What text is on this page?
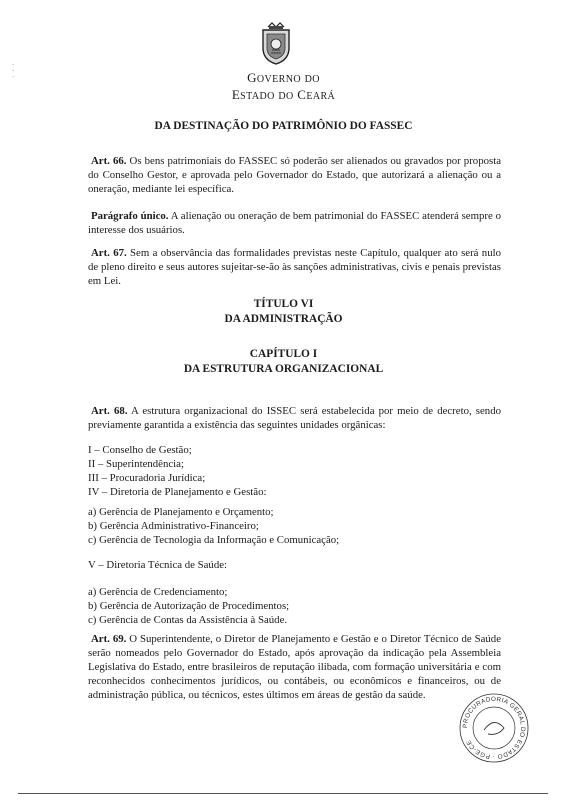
·
·
·	GOVERNO DO
ESTADO DO CEARÁ
DA DESTINAÇÃO DO PATRIMÔNIO DO FASSEC

Art. 66. Os bens patrimoniais do FASSEC só poderão ser alienados ou gravados por proposta do Conselho Gestor, e aprovada pelo Governador do Estado, que autorizará a alienação ou a oneração, mediante lei específica.

Parágrafo único. A alienação ou oneração de bem patrimonial do FASSEC atenderá sempre o interesse dos usuários.

Art. 67. Sem a observância das formalidades previstas neste Capítulo, qualquer ato será nulo de pleno direito e seus autores sujeitar-se-ão às sanções administrativas, civis e penais previstas em Lei.

TÍTULO VI
DA ADMINISTRAÇÃO
CAPÍTULO I
DA ESTRUTURA ORGANIZACIONAL

Art. 68. A estrutura organizacional do ISSEC será estabelecida por meio de decreto, sendo previamente garantida a existência das seguintes unidades orgânicas:

I – Conselho de Gestão;
II – Superintendência;
III – Procuradoria Jurídica;
IV – Diretoria de Planejamento e Gestão:
a) Gerência de Planejamento e Orçamento;
b) Gerência Administrativo-Financeiro;
c) Gerência de Tecnologia da Informação e Comunicação;
V – Diretoria Técnica de Saúde:
a) Gerência de Credenciamento;
b) Gerência de Autorização de Procedimentos;
c) Gerência de Contas da Assistência à Saúde.

Art. 69. O Superintendente, o Diretor de Planejamento e Gestão e o Diretor Técnico de Saúde serão nomeados pelo Governador do Estado, após aprovação da indicação pela Assembleia Legislativa do Estado, entre brasileiros de reputação ilibada, com formação universitária e com reconhecidos conhecimentos jurídicos, ou contábeis, ou econômicos e financeiros, ou de administração pública, ou técnicos, estes últimos em áreas de gestão da saúde.

PROCURADORIA GERAL DO ESTADO · PGE-CE
